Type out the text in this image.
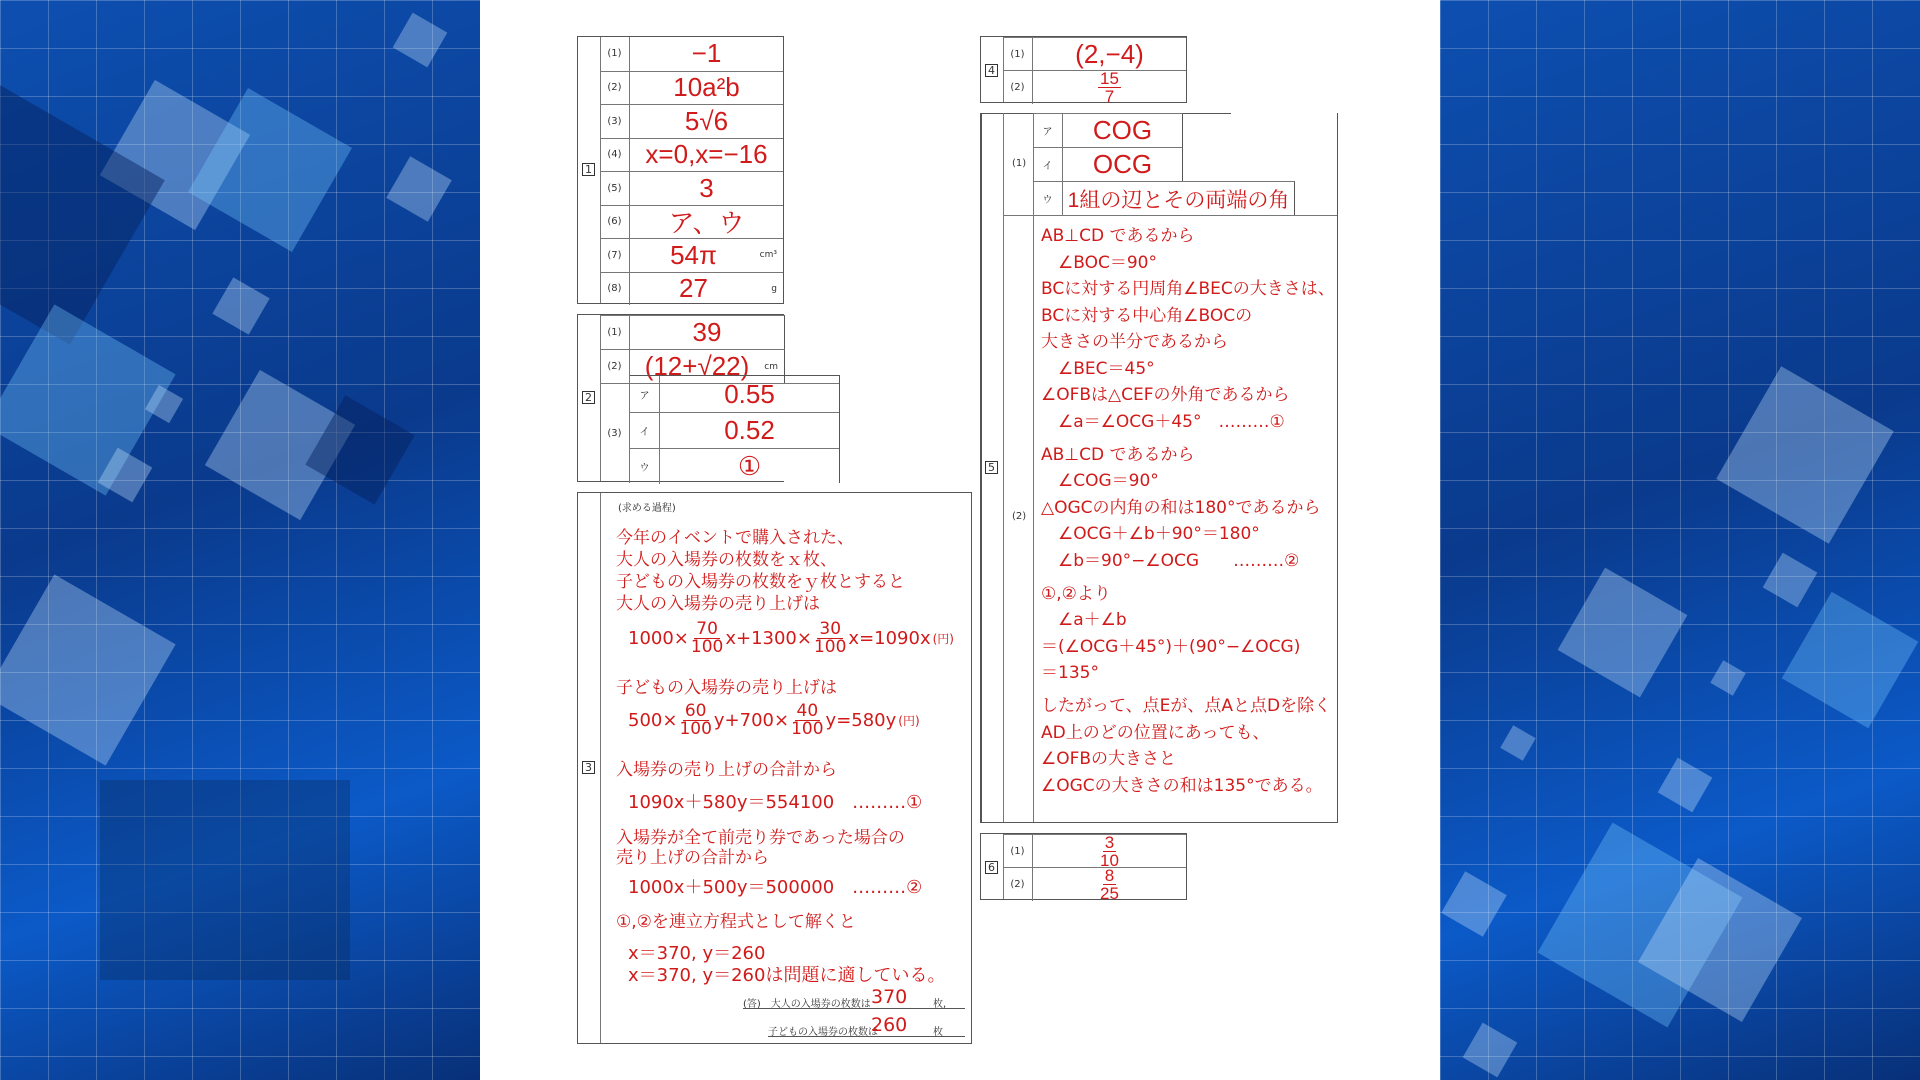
1
(1)	−1
(2)	10a²b
(3)	5√6
(4) x=0,x=−16
(5)	3
(6)	ア、ウ
(7)	54π	cm³
(8)	27	g
2
(1)	39
(2) (12+√22)	cm
(3)
ア	0.55
イ	0.52
ウ	①
3
(求める過程)
今年のイベントで購入された、
大人の入場券の枚数をｘ枚、
子どもの入場券の枚数をｙ枚とすると
大人の入場券の売り上げは
$1000\times \frac{70}{100} x+1300\times \frac{30}{100} x=1090x$ (円)
子どもの入場券の売り上げは
$500\times \frac{60}{100} y+700\times \frac{40}{100} y=580y$ (円)
入場券の売り上げの合計から
1090x＋580y＝554100　………①
入場券が全て前売り券であった場合の
売り上げの合計から
1000x＋500y＝500000　………②
①,②を連立方程式として解くと
x＝370, y＝260
x＝370, y＝260は問題に適している。
(答)　大人の入場券の枚数は 370	枚,
子どもの入場券の枚数は
260	枚
4
(1)	(2,−4)
(2)	$\frac{15}{7}$
5
(1)
ア	COG
イ	OCG
ウ 1組の辺とその両端の角
(2)
AB⊥CD であるから
　∠BOC＝90°
BCに対する円周角∠BECの大きさは、
BCに対する中心角∠BOCの
大きさの半分であるから
　∠BEC＝45°
∠OFBは△CEFの外角であるから
　∠a＝∠OCG＋45°　………①
AB⊥CD であるから
　∠COG＝90°
△OGCの内角の和は180°であるから
　∠OCG＋∠b＋90°＝180°
　∠b＝90°−∠OCG　　………②
①,②より
　∠a＋∠b
＝(∠OCG＋45°)＋(90°−∠OCG)
＝135°
したがって、点Eが、点Aと点Dを除く
AD上のどの位置にあっても、
∠OFBの大きさと
∠OGCの大きさの和は135°である。
6
(1)	$\frac{3}{10}$
(2)	$\frac{8}{25}$
